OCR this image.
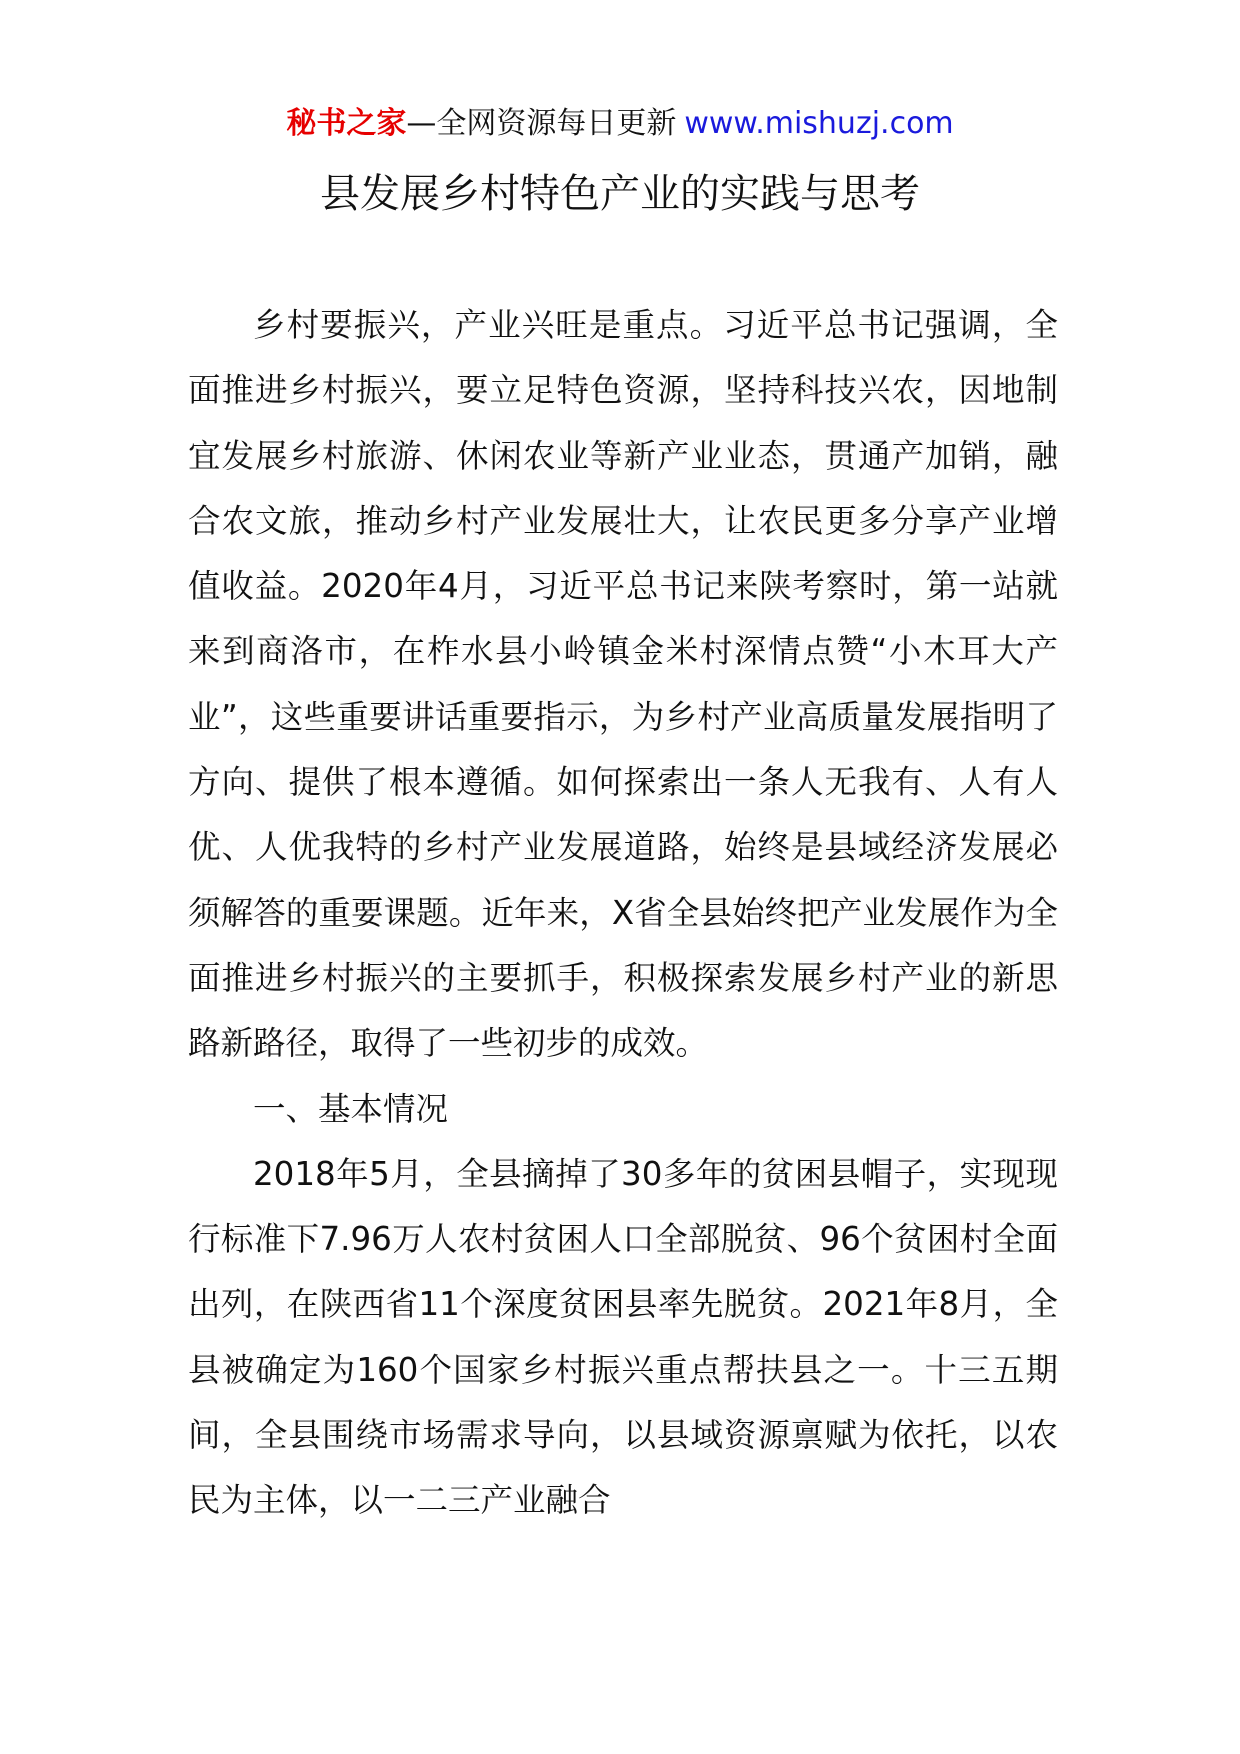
秘书之家—全网资源每日更新 www.mishuzj.com
县发展乡村特色产业的实践与思考

乡村要振兴，产业兴旺是重点。习近平总书记强调，全面推进乡村振兴，要立足特色资源，坚持科技兴农，因地制宜发展乡村旅游、休闲农业等新产业业态，贯通产加销，融合农文旅，推动乡村产业发展壮大，让农民更多分享产业增值收益。2020年4月，习近平总书记来陕考察时，第一站就来到商洛市，在柞水县小岭镇金米村深情点赞“小木耳大产业”，这些重要讲话重要指示，为乡村产业高质量发展指明了方向、提供了根本遵循。如何探索出一条人无我有、人有人优、人优我特的乡村产业发展道路，始终是县域经济发展必须解答的重要课题。近年来，X省全县始终把产业发展作为全面推进乡村振兴的主要抓手，积极探索发展乡村产业的新思路新路径，取得了一些初步的成效。

一、基本情况

2018年5月，全县摘掉了30多年的贫困县帽子，实现现行标准下7.96万人农村贫困人口全部脱贫、96个贫困村全面出列，在陕西省11个深度贫困县率先脱贫。2021年8月，全县被确定为160个国家乡村振兴重点帮扶县之一。十三五期间，全县围绕市场需求导向，以县域资源禀赋为依托，以农民为主体，以一二三产业融合
